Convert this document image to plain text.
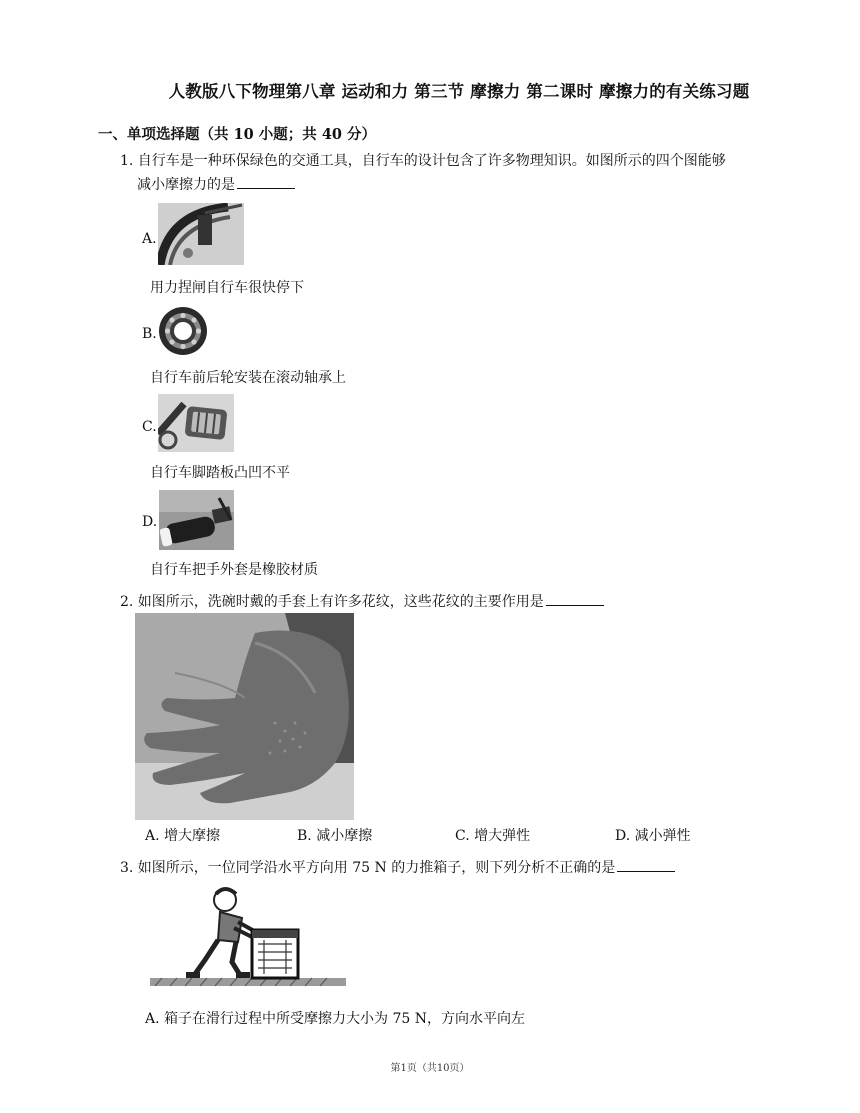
人教版八下物理第八章 运动和力 第三节 摩擦力 第二课时 摩擦力的有关练习题
一、单项选择题（共 10 小题；共 40 分）
1. 自行车是一种环保绿色的交通工具，自行车的设计包含了许多物理知识。如图所示的四个图能够
减小摩擦力的是
A.
用力捏闸自行车很快停下
B.
自行车前后轮安装在滚动轴承上
C.
自行车脚踏板凸凹不平
D.
自行车把手外套是橡胶材质
2. 如图所示，洗碗时戴的手套上有许多花纹，这些花纹的主要作用是
A. 增大摩擦	B. 减小摩擦	C. 增大弹性	D. 减小弹性
3. 如图所示，一位同学沿水平方向用 75 N 的力推箱子，则下列分析不正确的是
A. 箱子在滑行过程中所受摩擦力大小为 75 N，方向水平向左
第1页（共10页）
